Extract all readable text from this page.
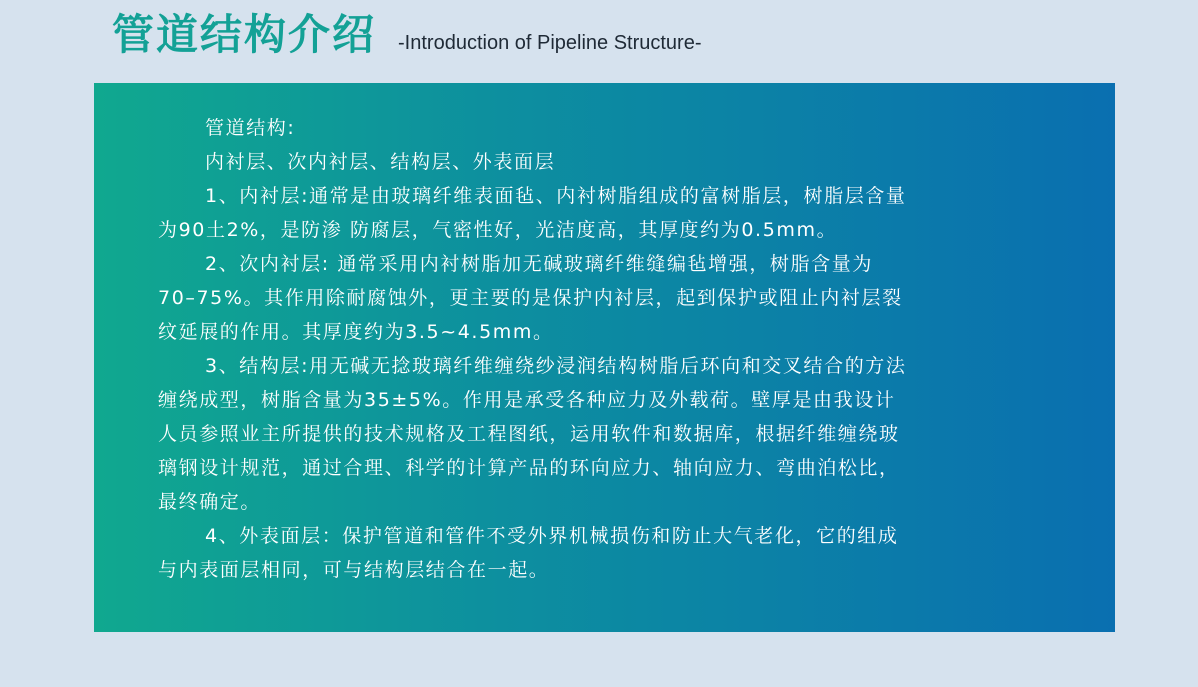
管道结构介绍 -Introduction of Pipeline Structure-

管道结构:

内衬层、次内衬层、结构层、外表面层

1、内衬层:通常是由玻璃纤维表面毡、内衬树脂组成的富树脂层，树脂层含量

为90土2%，是防渗 防腐层，气密性好，光洁度高，其厚度约为0.5mm。

2、次内衬层: 通常采用内衬树脂加无碱玻璃纤维缝编毡增强，树脂含量为

70–75%。其作用除耐腐蚀外，更主要的是保护内衬层，起到保护或阻止内衬层裂

纹延展的作用。其厚度约为3.5~4.5mm。

3、结构层:用无碱无捻玻璃纤维缠绕纱浸润结构树脂后环向和交叉结合的方法

缠绕成型，树脂含量为35±5%。作用是承受各种应力及外载荷。壁厚是由我设计

人员参照业主所提供的技术规格及工程图纸，运用软件和数据库，根据纤维缠绕玻

璃钢设计规范，通过合理、科学的计算产品的环向应力、轴向应力、弯曲泊松比，

最终确定。

4、外表面层：保护管道和管件不受外界机械损伤和防止大气老化，它的组成

与内表面层相同，可与结构层结合在一起。
